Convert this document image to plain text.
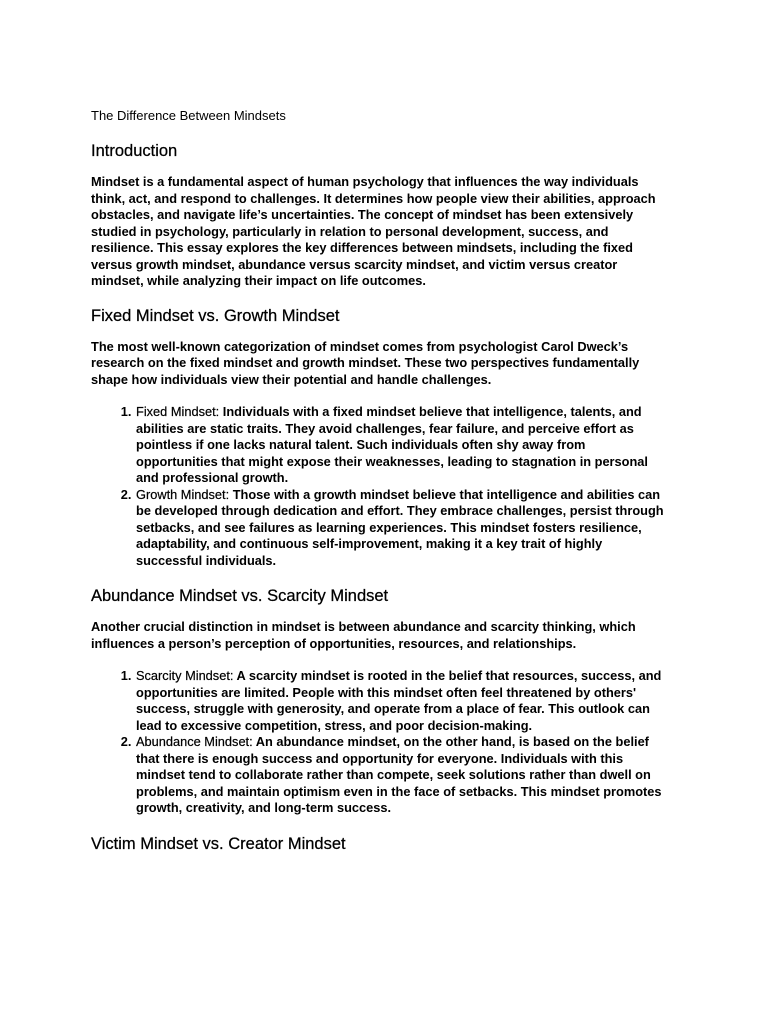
The Difference Between Mindsets
Introduction

Mindset is a fundamental aspect of human psychology that influences the way individuals think, act, and respond to challenges. It determines how people view their abilities, approach obstacles, and navigate life’s uncertainties. The concept of mindset has been extensively studied in psychology, particularly in relation to personal development, success, and resilience. This essay explores the key differences between mindsets, including the fixed versus growth mindset, abundance versus scarcity mindset, and victim versus creator mindset, while analyzing their impact on life outcomes.

Fixed Mindset vs. Growth Mindset

The most well-known categorization of mindset comes from psychologist Carol Dweck’s research on the fixed mindset and growth mindset. These two perspectives fundamentally shape how individuals view their potential and handle challenges.

1. Fixed Mindset: Individuals with a fixed mindset believe that intelligence, talents, and abilities are static traits. They avoid challenges, fear failure, and perceive effort as pointless if one lacks natural talent. Such individuals often shy away from opportunities that might expose their weaknesses, leading to stagnation in personal and professional growth.
2. Growth Mindset: Those with a growth mindset believe that intelligence and abilities can be developed through dedication and effort. They embrace challenges, persist through setbacks, and see failures as learning experiences. This mindset fosters resilience, adaptability, and continuous self-improvement, making it a key trait of highly successful individuals.
Abundance Mindset vs. Scarcity Mindset

Another crucial distinction in mindset is between abundance and scarcity thinking, which influences a person’s perception of opportunities, resources, and relationships.

1. Scarcity Mindset: A scarcity mindset is rooted in the belief that resources, success, and opportunities are limited. People with this mindset often feel threatened by others' success, struggle with generosity, and operate from a place of fear. This outlook can lead to excessive competition, stress, and poor decision-making.
2. Abundance Mindset: An abundance mindset, on the other hand, is based on the belief that there is enough success and opportunity for everyone. Individuals with this mindset tend to collaborate rather than compete, seek solutions rather than dwell on problems, and maintain optimism even in the face of setbacks. This mindset promotes growth, creativity, and long-term success.
Victim Mindset vs. Creator Mindset
